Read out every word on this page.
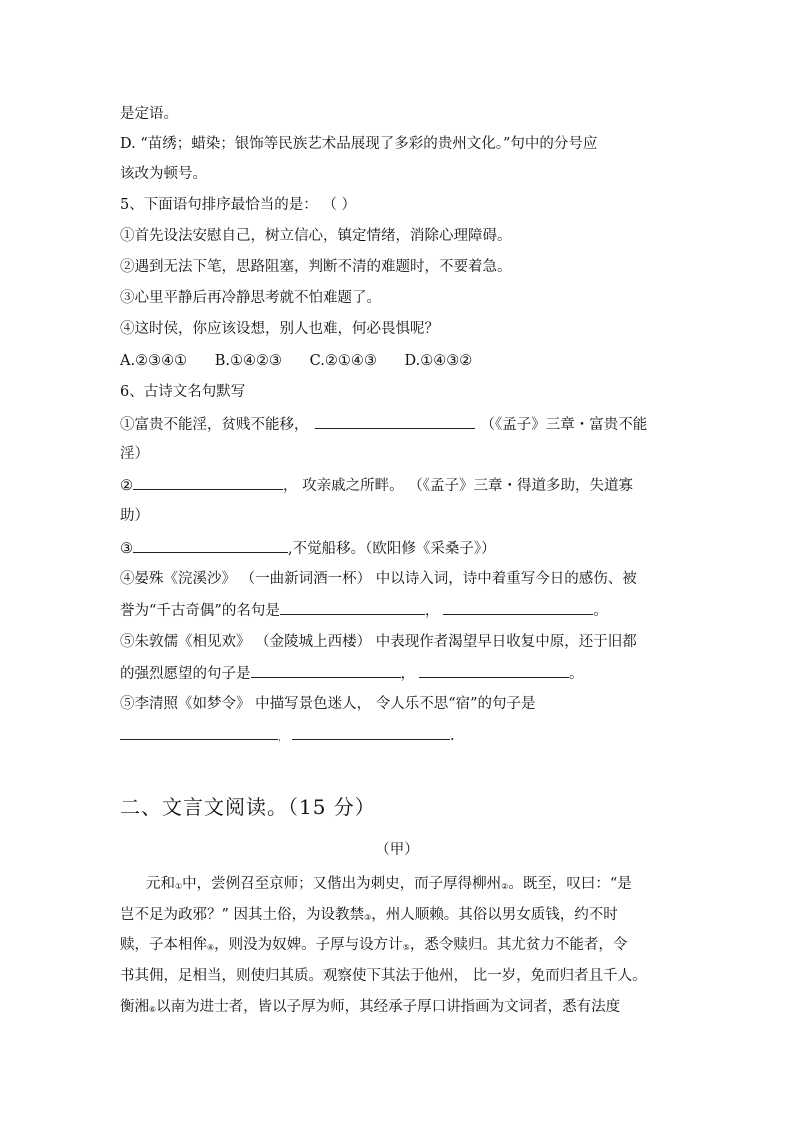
是定语。
D. “苗绣；蜡染；银饰等民族艺术品展现了多彩的贵州文化。”句中的分号应
该改为顿号。
5、下面语句排序最恰当的是： （ ）
①首先设法安慰自己，树立信心，镇定情绪，消除心理障碍。
②遇到无法下笔，思路阻塞，判断不清的难题时，不要着急。
③心里平静后再冷静思考就不怕难题了。
④这时侯，你应该设想，别人也难，何必畏惧呢？
A.②③④①      B.①④②③      C.②①④③      D.①④③②
6、古诗文名句默写
①富贵不能淫，贫贱不能移，	（《孟子》三章・富贵不能
淫）
②	， 攻亲戚之所畔。 （《孟子》三章・得道多助，失道寡
助）
③	,不觉船移。（欧阳修《采桑子》）
④晏殊《浣溪沙》 （一曲新词酒一杯） 中以诗入词，诗中着重写今日的感伤、被
誉为“千古奇偶”的名句是	，	。
⑤朱敦儒《相见欢》 （金陵城上西楼） 中表现作者渴望早日收复中原，还于旧都
的强烈愿望的句子是	，	。
⑤李清照《如梦令》 中描写景色迷人， 令人乐不思“宿”的句子是
，	.
二、文言文阅读。（15 分）
（甲）
元和①中，尝例召至京师；又偕出为刺史，而子厚得柳州②。既至，叹曰：“是
岂不足为政邪？” 因其土俗，为设教禁③，州人顺赖。其俗以男女质钱，约不时
赎，子本相侔④，则没为奴婢。子厚与设方计⑤，悉令赎归。其尤贫力不能者，令
书其佣，足相当，则使归其质。观察使下其法于他州， 比一岁，免而归者且千人。
衡湘⑥以南为进士者，皆以子厚为师，其经承子厚口讲指画为文词者，悉有法度
